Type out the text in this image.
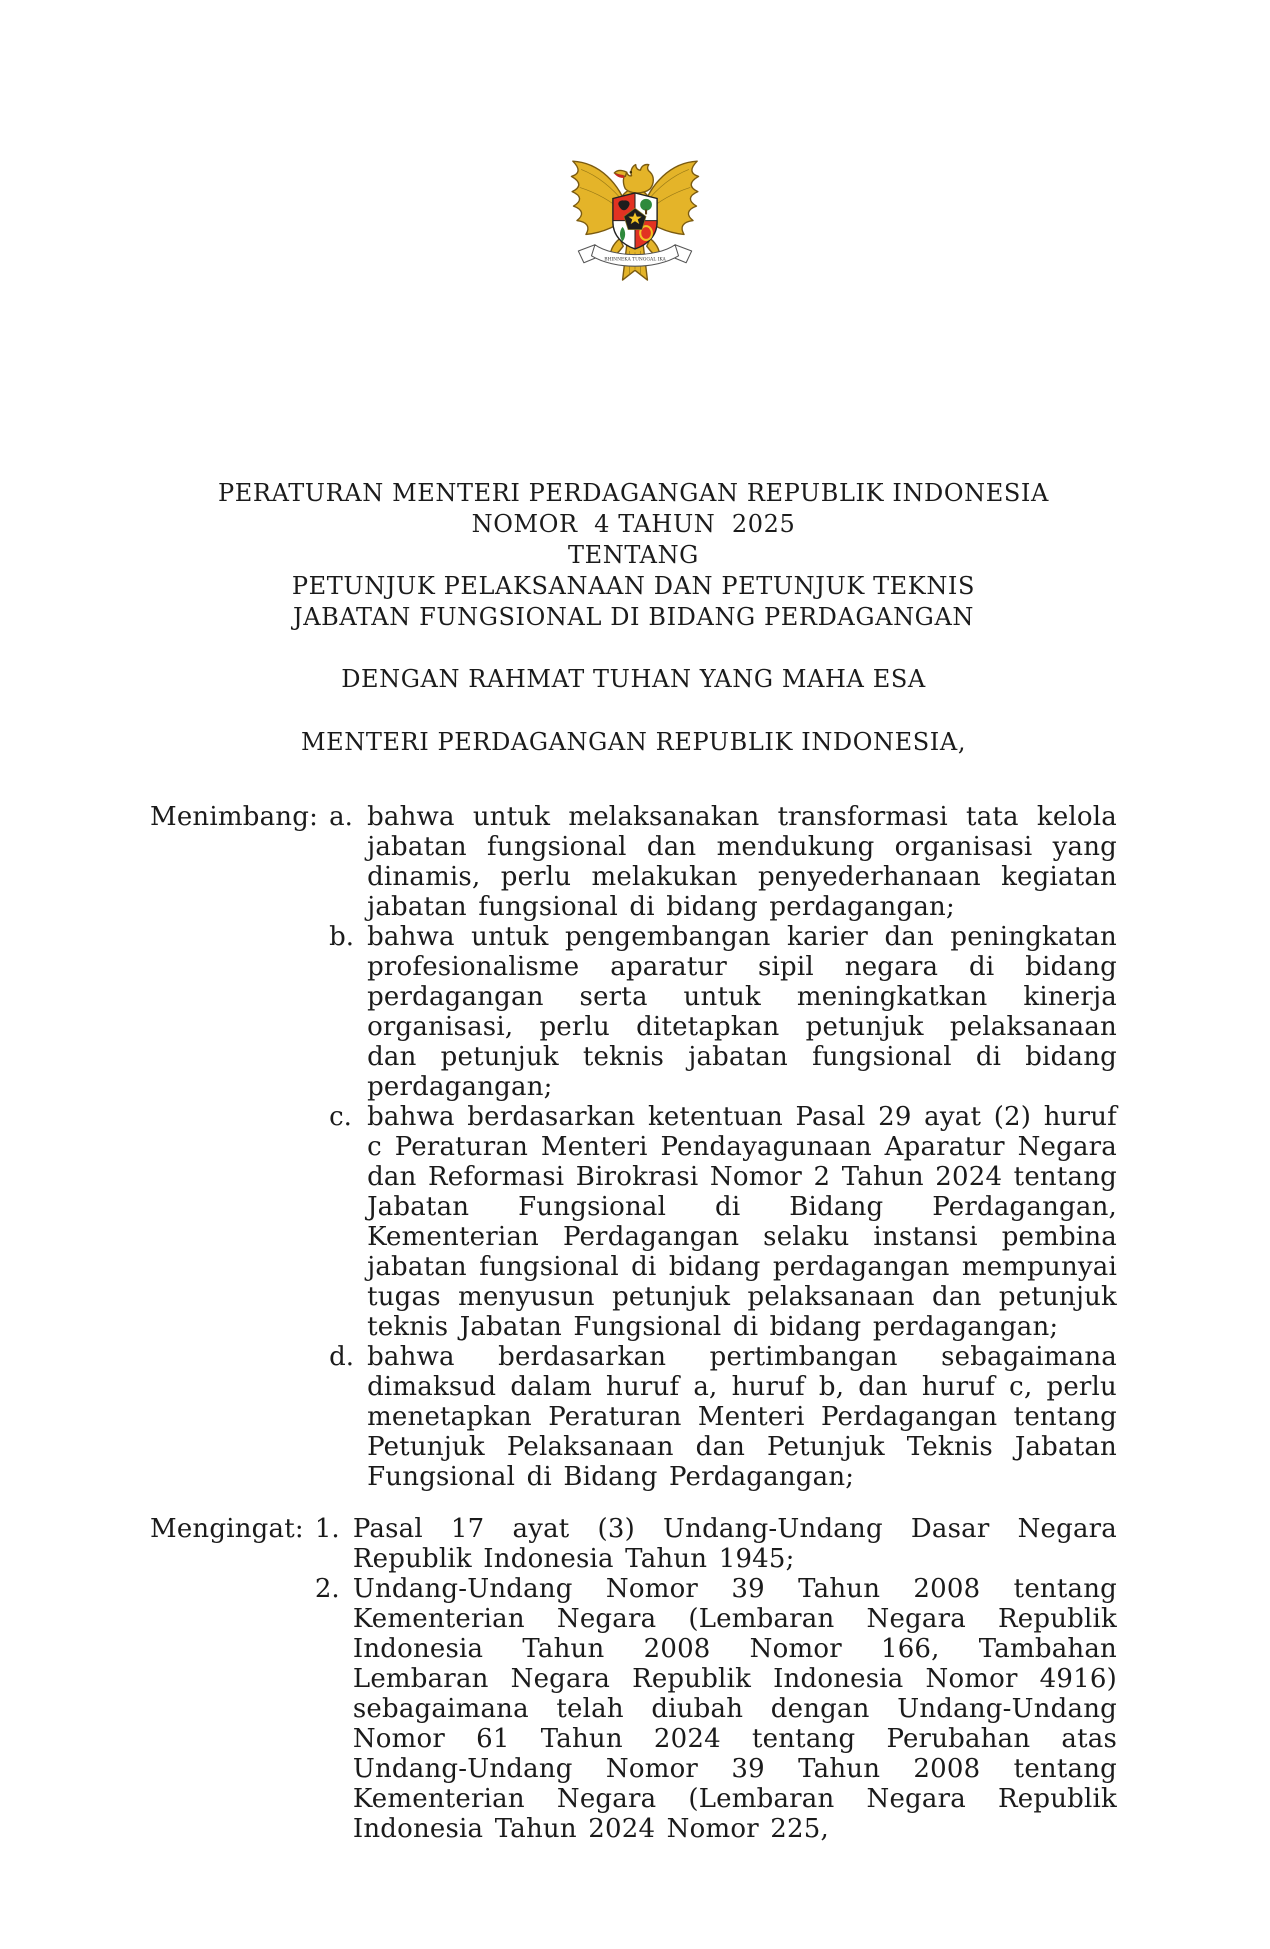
BHINNEKA TUNGGAL IKA
PERATURAN MENTERI PERDAGANGAN REPUBLIK INDONESIA
NOMOR  4 TAHUN  2025
TENTANG
PETUNJUK PELAKSANAAN DAN PETUNJUK TEKNIS
JABATAN FUNGSIONAL DI BIDANG PERDAGANGAN
DENGAN RAHMAT TUHAN YANG MAHA ESA
MENTERI PERDAGANGAN REPUBLIK INDONESIA,
Menimbang : a. bahwa untuk melaksanakan transformasi tata kelola jabatan fungsional dan mendukung organisasi yang dinamis, perlu melakukan penyederhanaan kegiatan jabatan fungsional di bidang perdagangan;
b. bahwa untuk pengembangan karier dan peningkatan profesionalisme aparatur sipil negara di bidang perdagangan serta untuk meningkatkan kinerja organisasi, perlu ditetapkan petunjuk pelaksanaan dan petunjuk teknis jabatan fungsional di bidang perdagangan;
c. bahwa berdasarkan ketentuan Pasal 29 ayat (2) huruf c Peraturan Menteri Pendayagunaan Aparatur Negara dan Reformasi Birokrasi Nomor 2 Tahun 2024 tentang Jabatan Fungsional di Bidang Perdagangan, Kementerian Perdagangan selaku instansi pembina jabatan fungsional di bidang perdagangan mempunyai tugas menyusun petunjuk pelaksanaan dan petunjuk teknis Jabatan Fungsional di bidang perdagangan;
d. bahwa berdasarkan pertimbangan sebagaimana dimaksud dalam huruf a, huruf b, dan huruf c, perlu menetapkan Peraturan Menteri Perdagangan tentang Petunjuk Pelaksanaan dan Petunjuk Teknis Jabatan Fungsional di Bidang Perdagangan;
Mengingat : 1. Pasal 17 ayat (3) Undang-Undang Dasar Negara Republik Indonesia Tahun 1945;
2. Undang-Undang Nomor 39 Tahun 2008 tentang Kementerian Negara (Lembaran Negara Republik Indonesia Tahun 2008 Nomor 166, Tambahan Lembaran Negara Republik Indonesia Nomor 4916) sebagaimana telah diubah dengan Undang-Undang Nomor 61 Tahun 2024 tentang Perubahan atas Undang-Undang Nomor 39 Tahun 2008 tentang Kementerian Negara (Lembaran Negara Republik Indonesia Tahun 2024 Nomor 225,
